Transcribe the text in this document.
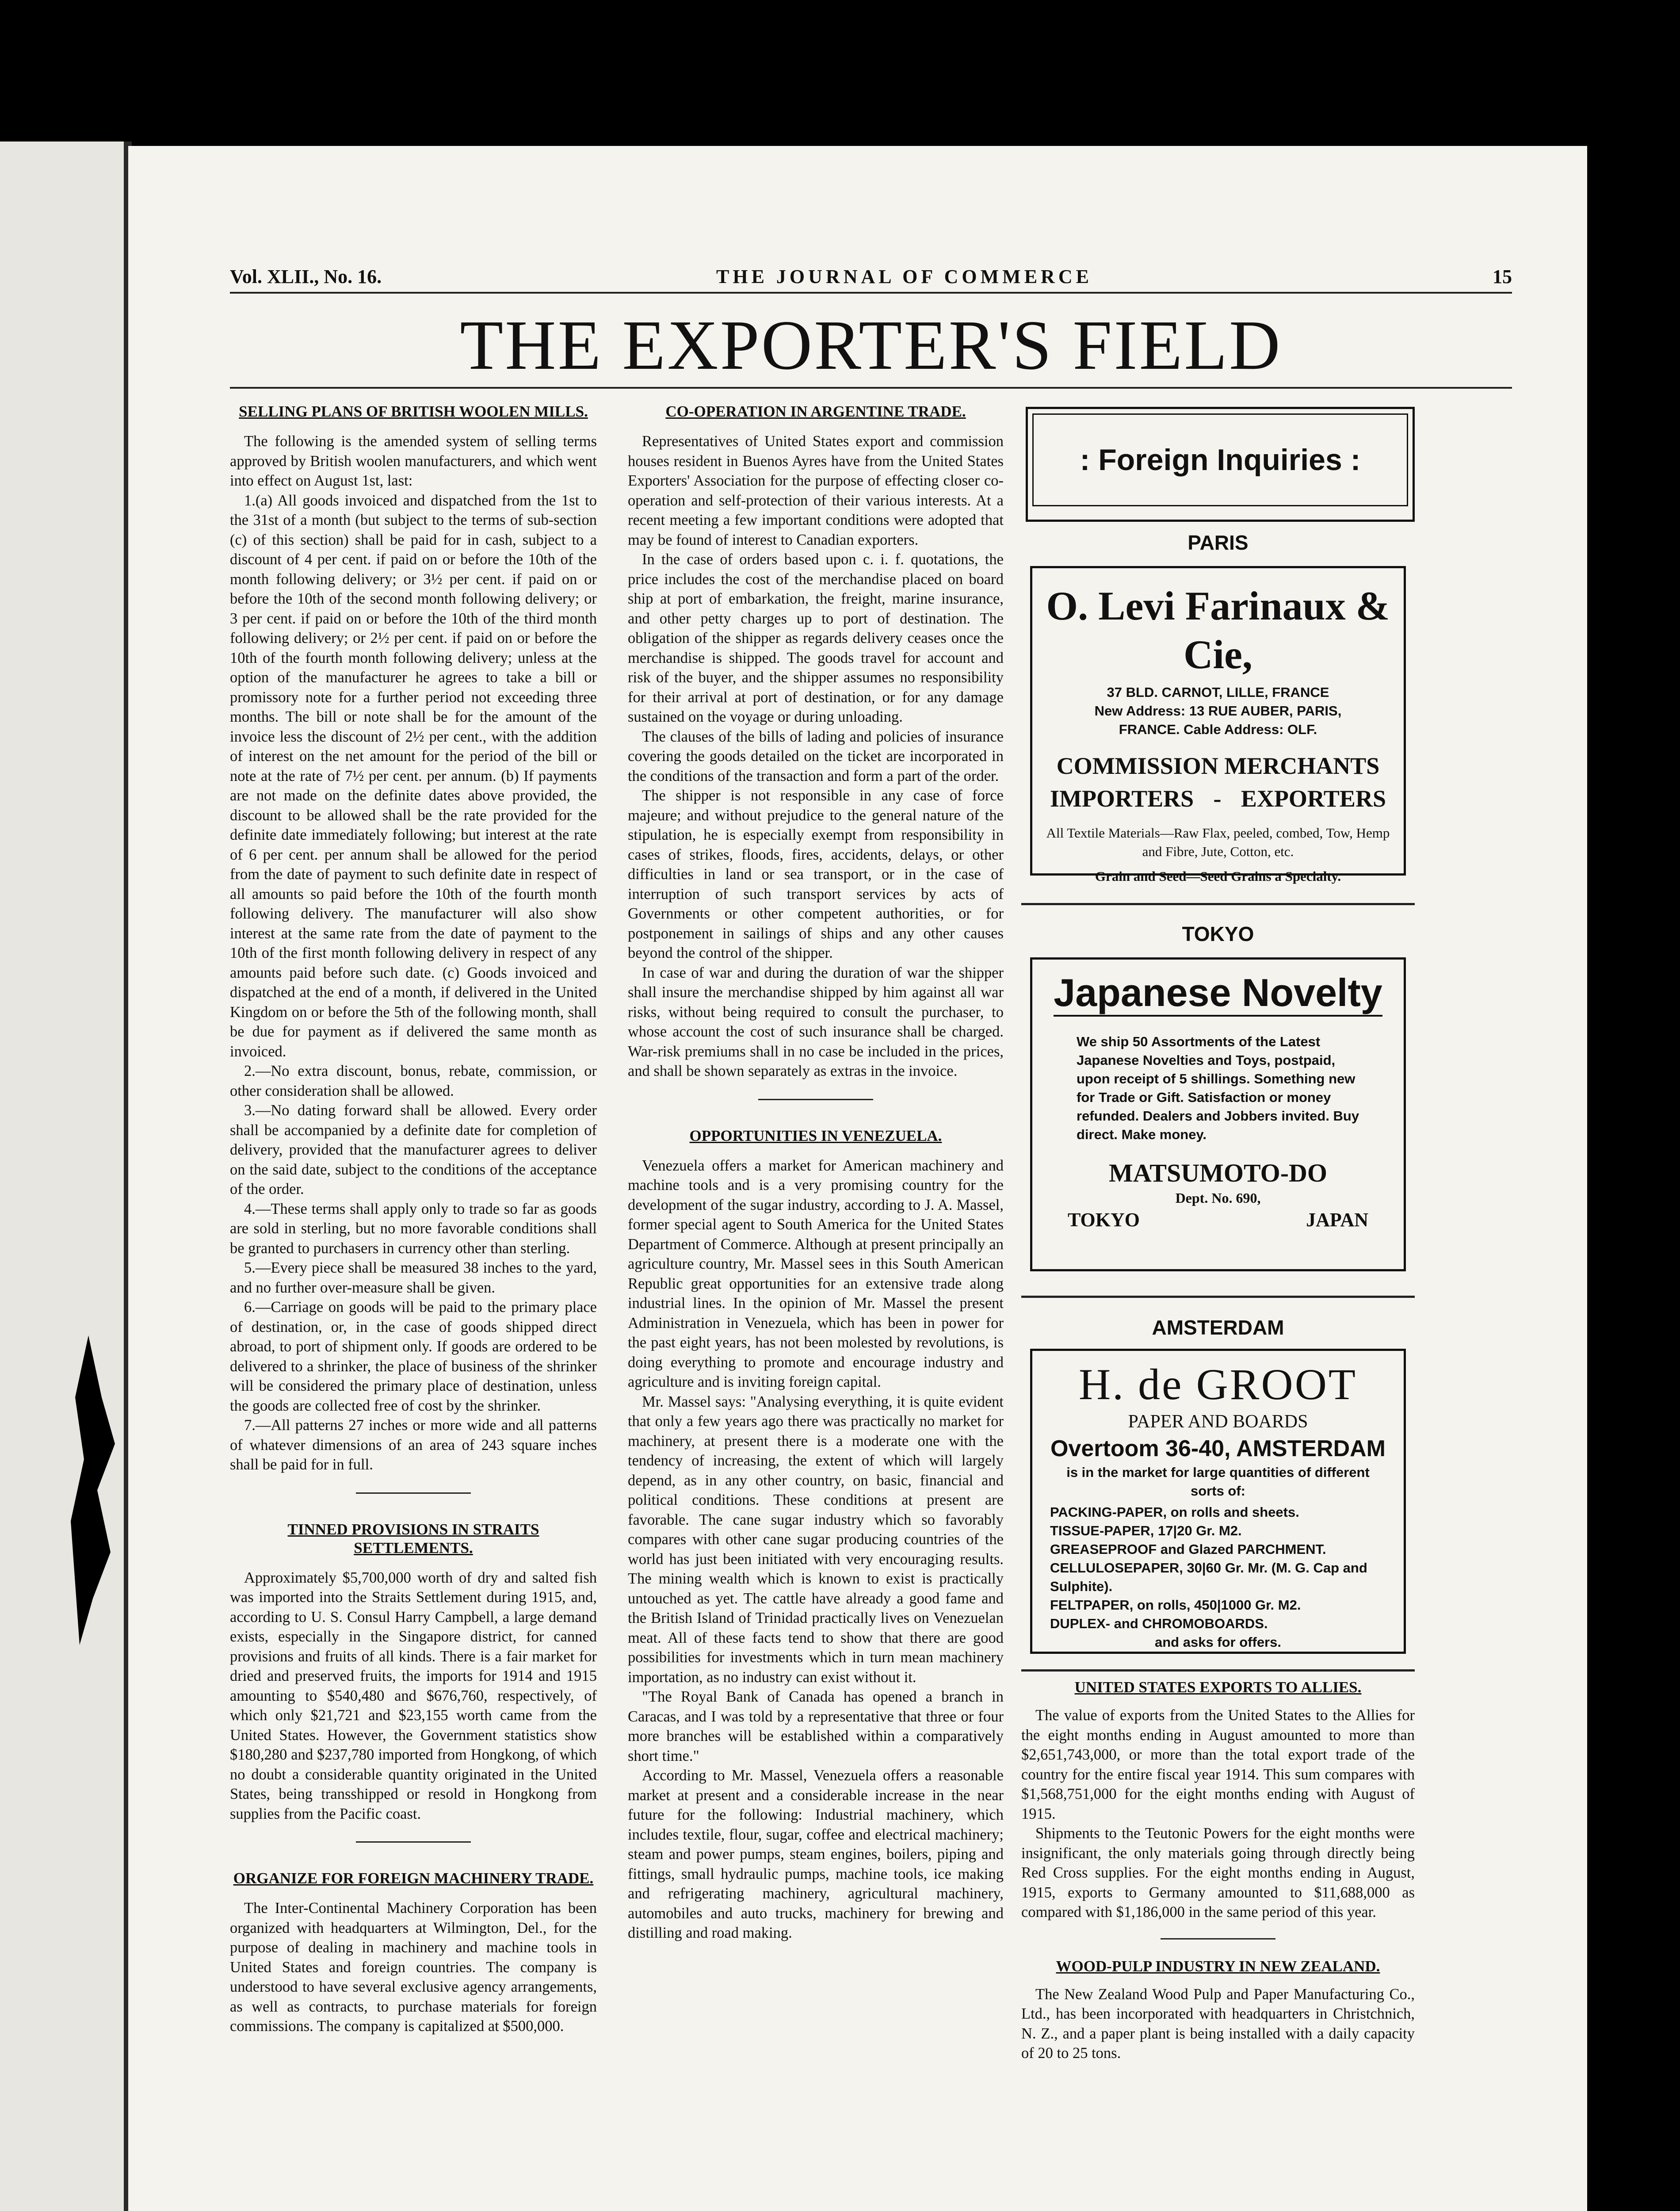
Vol. XLII., No. 16.	THE JOURNAL OF COMMERCE	15
THE EXPORTER'S FIELD

SELLING PLANS OF BRITISH WOOLEN MILLS.

The following is the amended system of selling terms approved by British woolen manufacturers, and which went into effect on August 1st, last:

1.(a) All goods invoiced and dispatched from the 1st to the 31st of a month (but subject to the terms of sub-section (c) of this section) shall be paid for in cash, subject to a discount of 4 per cent. if paid on or before the 10th of the month following delivery; or 3½ per cent. if paid on or before the 10th of the second month following delivery; or 3 per cent. if paid on or before the 10th of the third month following delivery; or 2½ per cent. if paid on or before the 10th of the fourth month following delivery; unless at the option of the manufacturer he agrees to take a bill or promissory note for a further period not exceeding three months. The bill or note shall be for the amount of the invoice less the discount of 2½ per cent., with the addition of interest on the net amount for the period of the bill or note at the rate of 7½ per cent. per annum. (b) If payments are not made on the definite dates above provided, the discount to be allowed shall be the rate provided for the definite date immediately following; but interest at the rate of 6 per cent. per annum shall be allowed for the period from the date of payment to such definite date in respect of all amounts so paid before the 10th of the fourth month following delivery. The manufacturer will also show interest at the same rate from the date of payment to the 10th of the first month following delivery in respect of any amounts paid before such date. (c) Goods invoiced and dispatched at the end of a month, if delivered in the United Kingdom on or before the 5th of the following month, shall be due for payment as if delivered the same month as invoiced.

2.—No extra discount, bonus, rebate, commission, or other consideration shall be allowed.

3.—No dating forward shall be allowed. Every order shall be accompanied by a definite date for completion of delivery, provided that the manufacturer agrees to deliver on the said date, subject to the conditions of the acceptance of the order.

4.—These terms shall apply only to trade so far as goods are sold in sterling, but no more favorable conditions shall be granted to purchasers in currency other than sterling.

5.—Every piece shall be measured 38 inches to the yard, and no further over-measure shall be given.

6.—Carriage on goods will be paid to the primary place of destination, or, in the case of goods shipped direct abroad, to port of shipment only. If goods are ordered to be delivered to a shrinker, the place of business of the shrinker will be considered the primary place of destination, unless the goods are collected free of cost by the shrinker.

7.—All patterns 27 inches or more wide and all patterns of whatever dimensions of an area of 243 square inches shall be paid for in full.

TINNED PROVISIONS IN STRAITS SETTLEMENTS.

Approximately $5,700,000 worth of dry and salted fish was imported into the Straits Settlement during 1915, and, according to U. S. Consul Harry Campbell, a large demand exists, especially in the Singapore district, for canned provisions and fruits of all kinds. There is a fair market for dried and preserved fruits, the imports for 1914 and 1915 amounting to $540,480 and $676,760, respectively, of which only $21,721 and $23,155 worth came from the United States. However, the Government statistics show $180,280 and $237,780 imported from Hongkong, of which no doubt a considerable quantity originated in the United States, being transshipped or resold in Hongkong from supplies from the Pacific coast.

ORGANIZE FOR FOREIGN MACHINERY TRADE.

The Inter-Continental Machinery Corporation has been organized with headquarters at Wilmington, Del., for the purpose of dealing in machinery and machine tools in United States and foreign countries. The company is understood to have several exclusive agency arrangements, as well as contracts, to purchase materials for foreign commissions. The company is capitalized at $500,000.

CO-OPERATION IN ARGENTINE TRADE.

Representatives of United States export and commission houses resident in Buenos Ayres have from the United States Exporters' Association for the purpose of effecting closer co-operation and self-protection of their various interests. At a recent meeting a few important conditions were adopted that may be found of interest to Canadian exporters.

In the case of orders based upon c. i. f. quotations, the price includes the cost of the merchandise placed on board ship at port of embarkation, the freight, marine insurance, and other petty charges up to port of destination. The obligation of the shipper as regards delivery ceases once the merchandise is shipped. The goods travel for account and risk of the buyer, and the shipper assumes no responsibility for their arrival at port of destination, or for any damage sustained on the voyage or during unloading.

The clauses of the bills of lading and policies of insurance covering the goods detailed on the ticket are incorporated in the conditions of the transaction and form a part of the order.

The shipper is not responsible in any case of force majeure; and without prejudice to the general nature of the stipulation, he is especially exempt from responsibility in cases of strikes, floods, fires, accidents, delays, or other difficulties in land or sea transport, or in the case of interruption of such transport services by acts of Governments or other competent authorities, or for postponement in sailings of ships and any other causes beyond the control of the shipper.

In case of war and during the duration of war the shipper shall insure the merchandise shipped by him against all war risks, without being required to consult the purchaser, to whose account the cost of such insurance shall be charged. War-risk premiums shall in no case be included in the prices, and shall be shown separately as extras in the invoice.

OPPORTUNITIES IN VENEZUELA.

Venezuela offers a market for American machinery and machine tools and is a very promising country for the development of the sugar industry, according to J. A. Massel, former special agent to South America for the United States Department of Commerce. Although at present principally an agriculture country, Mr. Massel sees in this South American Republic great opportunities for an extensive trade along industrial lines. In the opinion of Mr. Massel the present Administration in Venezuela, which has been in power for the past eight years, has not been molested by revolutions, is doing everything to promote and encourage industry and agriculture and is inviting foreign capital.

Mr. Massel says: "Analysing everything, it is quite evident that only a few years ago there was practically no market for machinery, at present there is a moderate one with the tendency of increasing, the extent of which will largely depend, as in any other country, on basic, financial and political conditions. These conditions at present are favorable. The cane sugar industry which so favorably compares with other cane sugar producing countries of the world has just been initiated with very encouraging results. The mining wealth which is known to exist is practically untouched as yet. The cattle have already a good fame and the British Island of Trinidad practically lives on Venezuelan meat. All of these facts tend to show that there are good possibilities for investments which in turn mean machinery importation, as no industry can exist without it.

"The Royal Bank of Canada has opened a branch in Caracas, and I was told by a representative that three or four more branches will be established within a comparatively short time."

According to Mr. Massel, Venezuela offers a reasonable market at present and a considerable increase in the near future for the following: Industrial machinery, which includes textile, flour, sugar, coffee and electrical machinery; steam and power pumps, steam engines, boilers, piping and fittings, small hydraulic pumps, machine tools, ice making and refrigerating machinery, agricultural machinery, automobiles and auto trucks, machinery for brewing and distilling and road making.

: Foreign Inquiries :
PARIS
O. Levi Farinaux & Cie,
37 BLD. CARNOT, LILLE, FRANCE
New Address: 13 RUE AUBER, PARIS,
FRANCE. Cable Address: OLF.
COMMISSION MERCHANTS
IMPORTERS - EXPORTERS
All Textile Materials—Raw Flax, peeled, combed, Tow, Hemp and Fibre, Jute, Cotton, etc.
Grain and Seed—Seed Grains a Specialty.
TOKYO
Japanese Novelty
We ship 50 Assortments of the Latest Japanese Novelties and Toys, postpaid, upon receipt of 5 shillings. Something new for Trade or Gift. Satisfaction or money refunded. Dealers and Jobbers invited. Buy direct. Make money.
MATSUMOTO-DO
Dept. No. 690,
TOKYO	JAPAN
AMSTERDAM
H. de GROOT
PAPER AND BOARDS
Overtoom 36-40, AMSTERDAM
is in the market for large quantities of different sorts of:
PACKING-PAPER, on rolls and sheets.
TISSUE-PAPER, 17|20 Gr. M2.
GREASEPROOF and Glazed PARCHMENT.
CELLULOSEPAPER, 30|60 Gr. Mr. (M. G. Cap and Sulphite).
FELTPAPER, on rolls, 450|1000 Gr. M2.
DUPLEX- and CHROMOBOARDS.
and asks for offers.

UNITED STATES EXPORTS TO ALLIES.

The value of exports from the United States to the Allies for the eight months ending in August amounted to more than $2,651,743,000, or more than the total export trade of the country for the entire fiscal year 1914. This sum compares with $1,568,751,000 for the eight months ending with August of 1915.

Shipments to the Teutonic Powers for the eight months were insignificant, the only materials going through directly being Red Cross supplies. For the eight months ending in August, 1915, exports to Germany amounted to $11,688,000 as compared with $1,186,000 in the same period of this year.

WOOD-PULP INDUSTRY IN NEW ZEALAND.

The New Zealand Wood Pulp and Paper Manufacturing Co., Ltd., has been incorporated with headquarters in Christchnich, N. Z., and a paper plant is being installed with a daily capacity of 20 to 25 tons.
